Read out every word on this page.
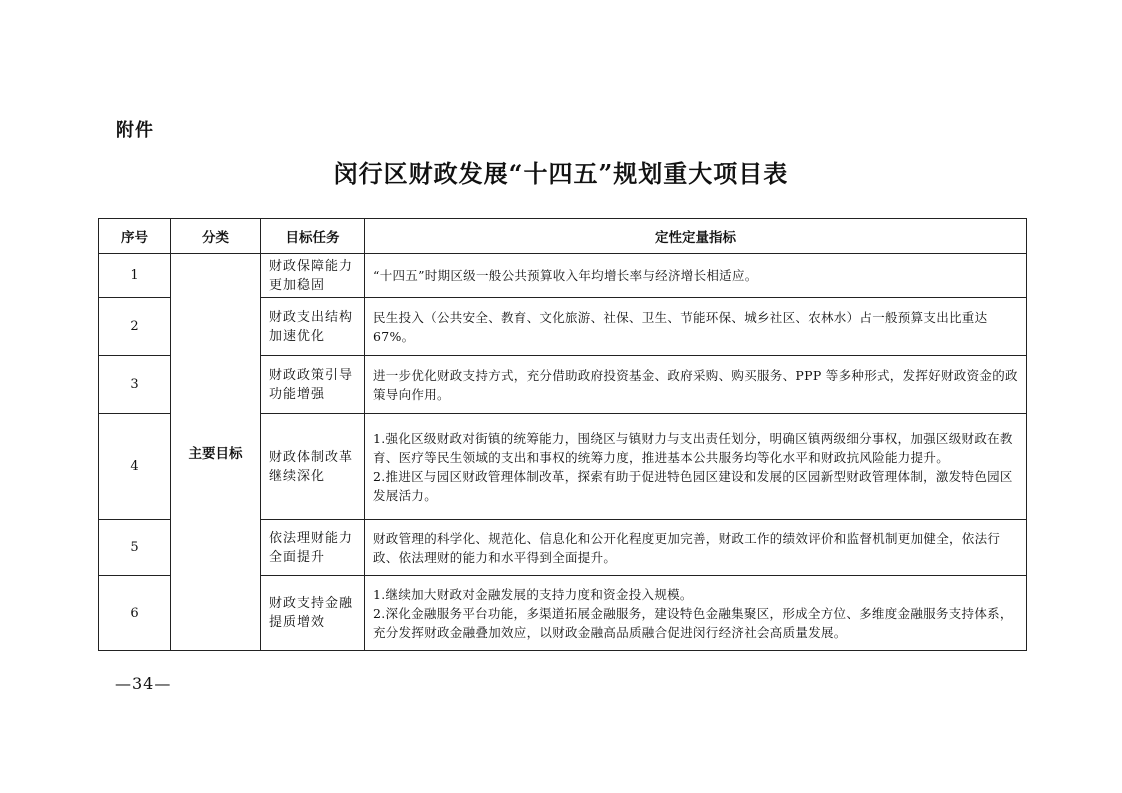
附件
闵行区财政发展“十四五”规划重大项目表
序号	分类	目标任务	定性定量指标
1	主要目标	财政保障能力更加稳固	“十四五”时期区级一般公共预算收入年均增长率与经济增长相适应。

2		财政支出结构加速优化	民生投入（公共安全、教育、文化旅游、社保、卫生、节能环保、城乡社区、农林水）占一般预算支出比重达 67%。

3		财政政策引导功能增强	进一步优化财政支持方式，充分借助政府投资基金、政府采购、购买服务、PPP 等多种形式，发挥好财政资金的政策导向作用。

4		财政体制改革继续深化	1.强化区级财政对街镇的统筹能力，围绕区与镇财力与支出责任划分，明确区镇两级细分事权，加强区级财政在教育、医疗等民生领域的支出和事权的统筹力度，推进基本公共服务均等化水平和财政抗风险能力提升。
2.推进区与园区财政管理体制改革，探索有助于促进特色园区建设和发展的区园新型财政管理体制，激发特色园区发展活力。

5		依法理财能力全面提升	财政管理的科学化、规范化、信息化和公开化程度更加完善，财政工作的绩效评价和监督机制更加健全，依法行政、依法理财的能力和水平得到全面提升。

6		财政支持金融提质增效	1.继续加大财政对金融发展的支持力度和资金投入规模。
2.深化金融服务平台功能，多渠道拓展金融服务，建设特色金融集聚区，形成全方位、多维度金融服务支持体系，充分发挥财政金融叠加效应，以财政金融高品质融合促进闵行经济社会高质量发展。
—34—
